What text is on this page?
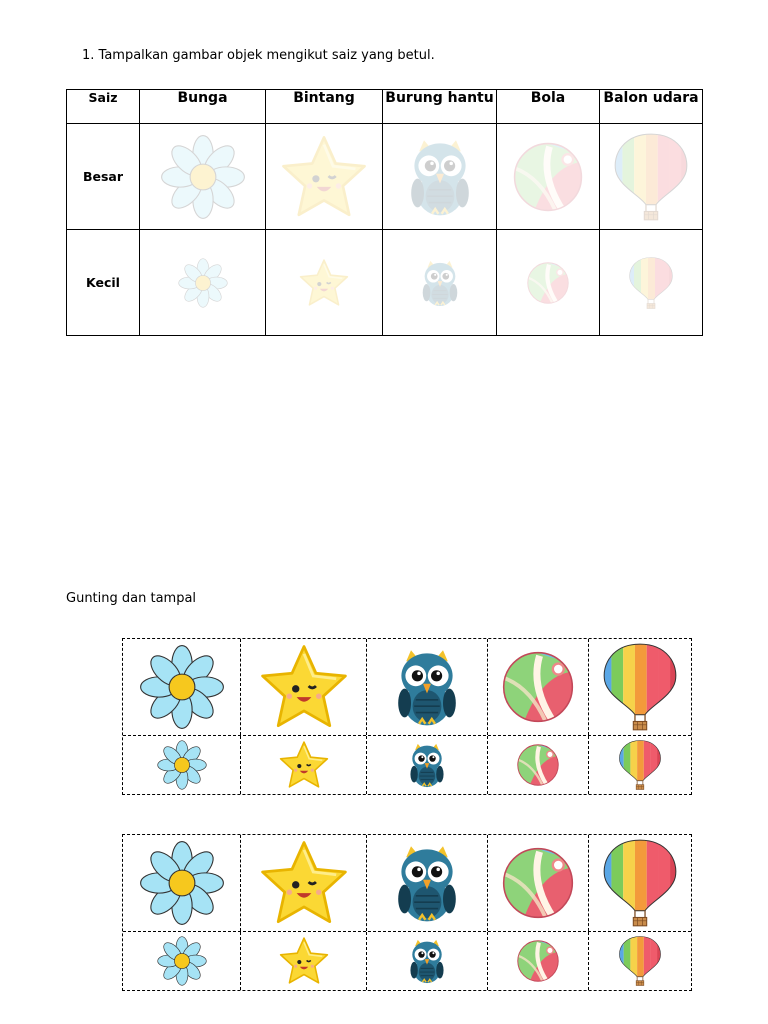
1. Tampalkan gambar objek mengikut saiz yang betul.
Saiz	Bunga	Bintang	Burung hantu	Bola	Balon udara
Besar	

Kecil	

Gunting dan tampal
